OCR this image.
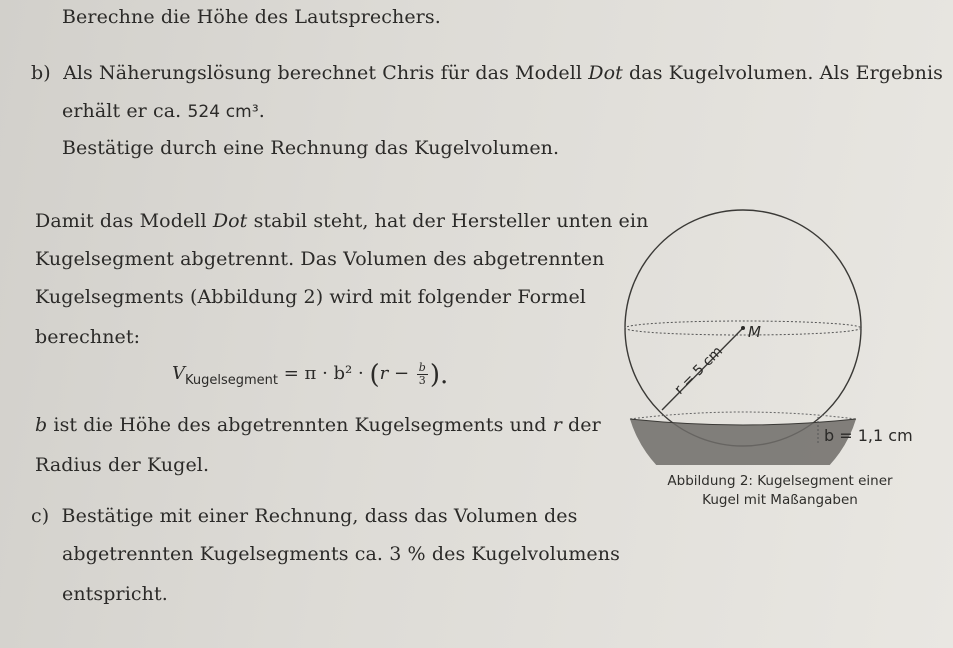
Berechne die Höhe des Lautsprechers.
b) Als Näherungslösung berechnet Chris für das Modell Dot das Kugelvolumen. Als Ergebnis
erhält er ca. 524 cm³.
Bestätige durch eine Rechnung das Kugelvolumen.
Damit das Modell Dot stabil steht, hat der Hersteller unten ein
Kugelsegment abgetrennt. Das Volumen des abgetrennten
Kugelsegments (Abbildung 2) wird mit folgender Formel
berechnet:
$V_{Kugelsegment} = \pi \cdot b^2 \cdot (r - \frac{b}{3}$ ).
b ist die Höhe des abgetrennten Kugelsegments und r der
Radius der Kugel.
c) Bestätige mit einer Rechnung, dass das Volumen des
abgetrennten Kugelsegments ca. 3 % des Kugelvolumens
entspricht.
M
r = 5 cm
b = 1,1 cm
Abbildung 2: Kugelsegment einer
Kugel mit Maßangaben
